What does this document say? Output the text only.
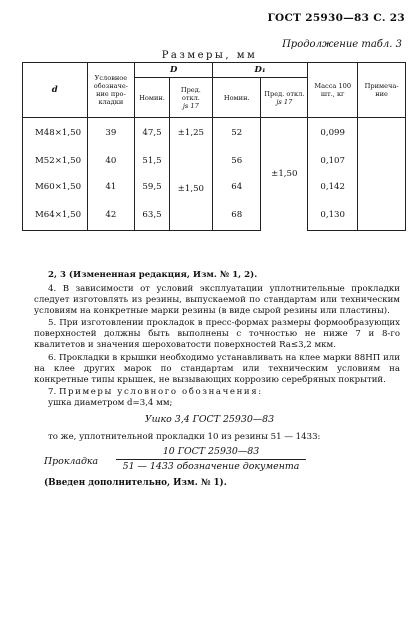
ГОСТ 25930—83 С. 23
Продолжение табл. 3
Размеры, мм
d	Условное обозначе-ние про-кладки	D		D₁		Масса 100 шт., кг	Примеча-ние
		Номин.	Пред. откл.
js 17	Номин.	Пред. откл.
js 17		
M48×1,50	39	47,5	±1,25	52	±1,50	0,099	
M52×1,50	40	51,5	±1,50	56		0,107	
M60×1,50	41	59,5		64		0,142	
M64×1,50	42	63,5		68		0,130	
2, 3 (Измененная редакция, Изм. № 1, 2).
4. В зависимости от условий эксплуатации уплотнительные прокладки следует изготовлять из резины, выпускаемой по стандартам или техническим условиям на конкретные марки резины (в виде сырой резины или пластины).
5. При изготовлении прокладок в пресс-формах размеры формообразующих поверхностей должны быть выполнены с точностью не ниже 7 и 8-го квалитетов и значения шероховатости поверхностей Ra≤3,2 мкм.
6. Прокладки в крышки необходимо устанавливать на клее марки 88НП или на клее других марок по стандартам или техническим условиям на конкретные типы крышек, не вызывающих коррозию серебряных покрытий.
7. Примеры условного обозначения:
ушка диаметром d=3,4 мм;
Ушко 3,4 ГОСТ 25930—83
то же, уплотнительной прокладки 10 из резины 51 — 1433:
Прокладка
10 ГОСТ 25930—83
51 — 1433 обозначение документа
(Введен дополнительно, Изм. № 1).
